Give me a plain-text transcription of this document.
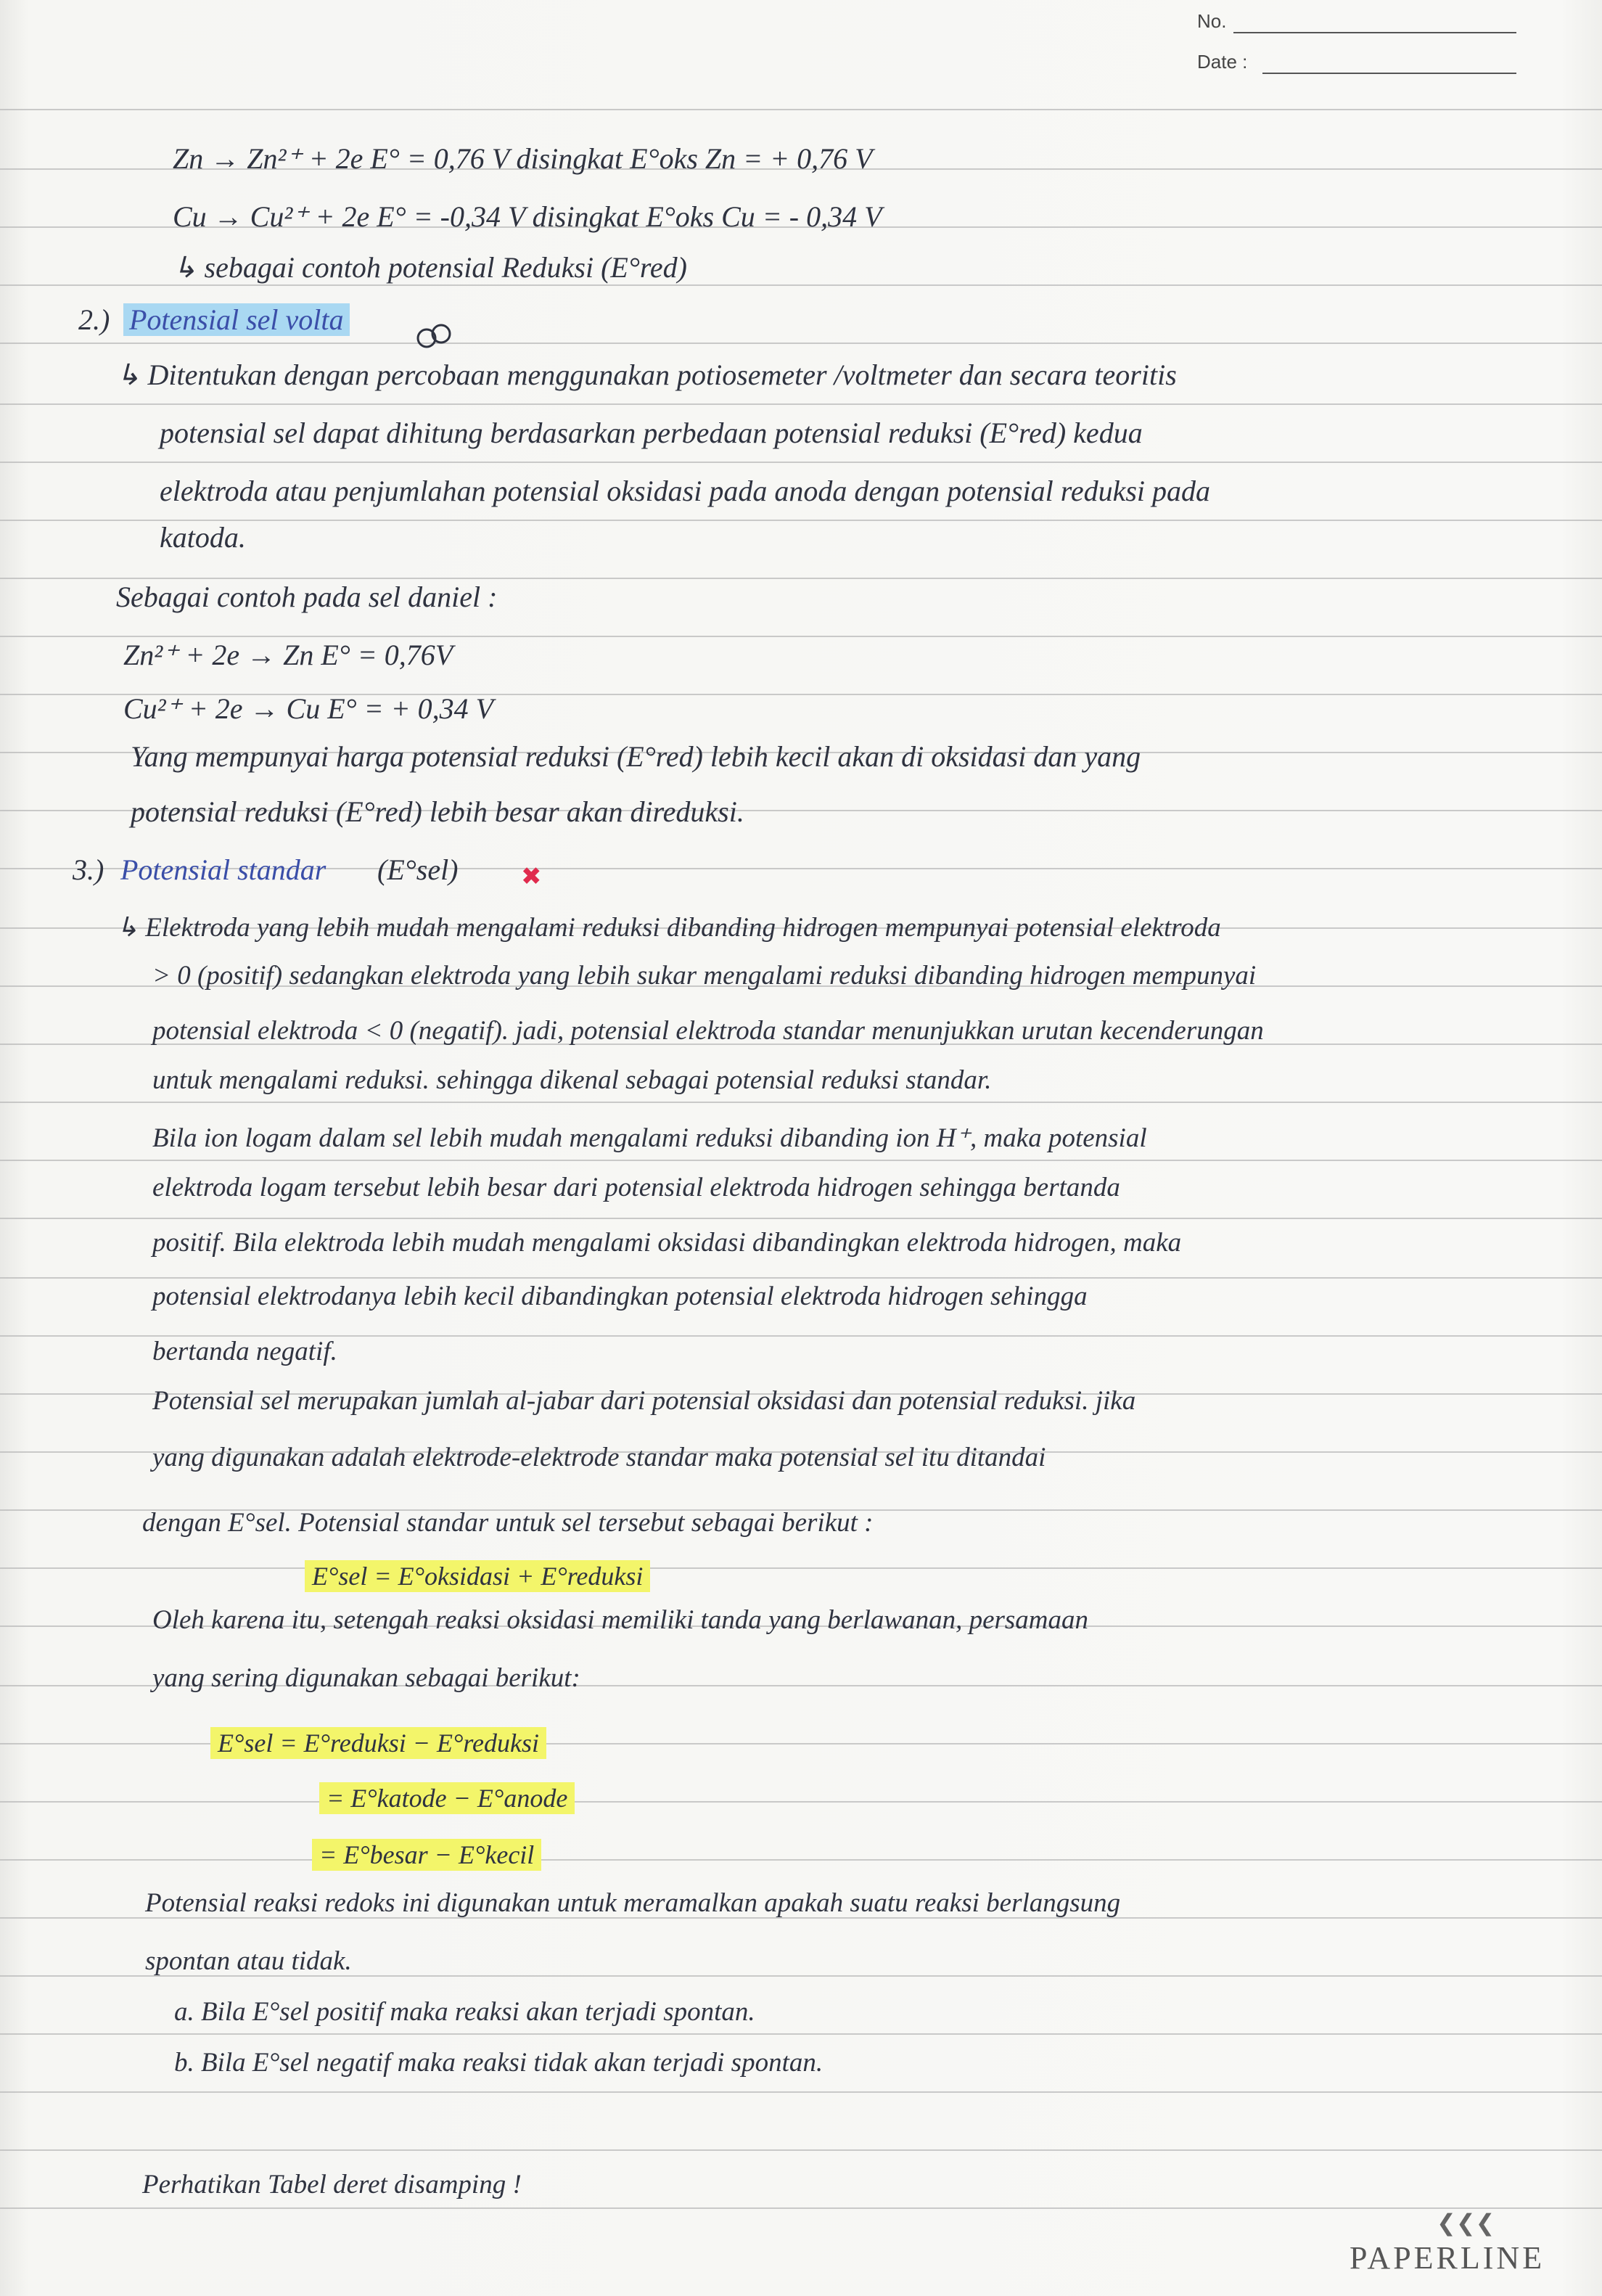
No.
Date :
Zn → Zn²⁺ + 2e E° = 0,76 V disingkat E°oks Zn = + 0,76 V
Cu → Cu²⁺ + 2e E° = -0,34 V disingkat E°oks Cu = - 0,34 V
↳ sebagai contoh potensial Reduksi (E°red)
2.) Potensial sel volta
↳ Ditentukan dengan percobaan menggunakan potiosemeter /voltmeter dan secara teoritis
potensial sel dapat dihitung berdasarkan perbedaan potensial reduksi (E°red) kedua
elektroda atau penjumlahan potensial oksidasi pada anoda dengan potensial reduksi pada
katoda.
Sebagai contoh pada sel daniel :
Zn²⁺ + 2e → Zn E° = 0,76V
Cu²⁺ + 2e → Cu E° = + 0,34 V
Yang mempunyai harga potensial reduksi (E°red) lebih kecil akan di oksidasi dan yang
potensial reduksi (E°red) lebih besar akan direduksi.
3.) Potensial standar (E°sel)	✖
↳ Elektroda yang lebih mudah mengalami reduksi dibanding hidrogen mempunyai potensial elektroda
> 0 (positif) sedangkan elektroda yang lebih sukar mengalami reduksi dibanding hidrogen mempunyai
potensial elektroda < 0 (negatif). jadi, potensial elektroda standar menunjukkan urutan kecenderungan
untuk mengalami reduksi. sehingga dikenal sebagai potensial reduksi standar.
Bila ion logam dalam sel lebih mudah mengalami reduksi dibanding ion H⁺, maka potensial
elektroda logam tersebut lebih besar dari potensial elektroda hidrogen sehingga bertanda
positif. Bila elektroda lebih mudah mengalami oksidasi dibandingkan elektroda hidrogen, maka
potensial elektrodanya lebih kecil dibandingkan potensial elektroda hidrogen sehingga
bertanda negatif.
Potensial sel merupakan jumlah al-jabar dari potensial oksidasi dan potensial reduksi. jika
yang digunakan adalah elektrode-elektrode standar maka potensial sel itu ditandai
dengan E°sel. Potensial standar untuk sel tersebut sebagai berikut :
E°sel = E°oksidasi + E°reduksi
Oleh karena itu, setengah reaksi oksidasi memiliki tanda yang berlawanan, persamaan
yang sering digunakan sebagai berikut:
E°sel = E°reduksi − E°reduksi
= E°katode − E°anode
= E°besar − E°kecil
Potensial reaksi redoks ini digunakan untuk meramalkan apakah suatu reaksi berlangsung
spontan atau tidak.
a. Bila E°sel positif maka reaksi akan terjadi spontan.
b. Bila E°sel negatif maka reaksi tidak akan terjadi spontan.
Perhatikan Tabel deret disamping !
❮❮❮
PAPERLINE
